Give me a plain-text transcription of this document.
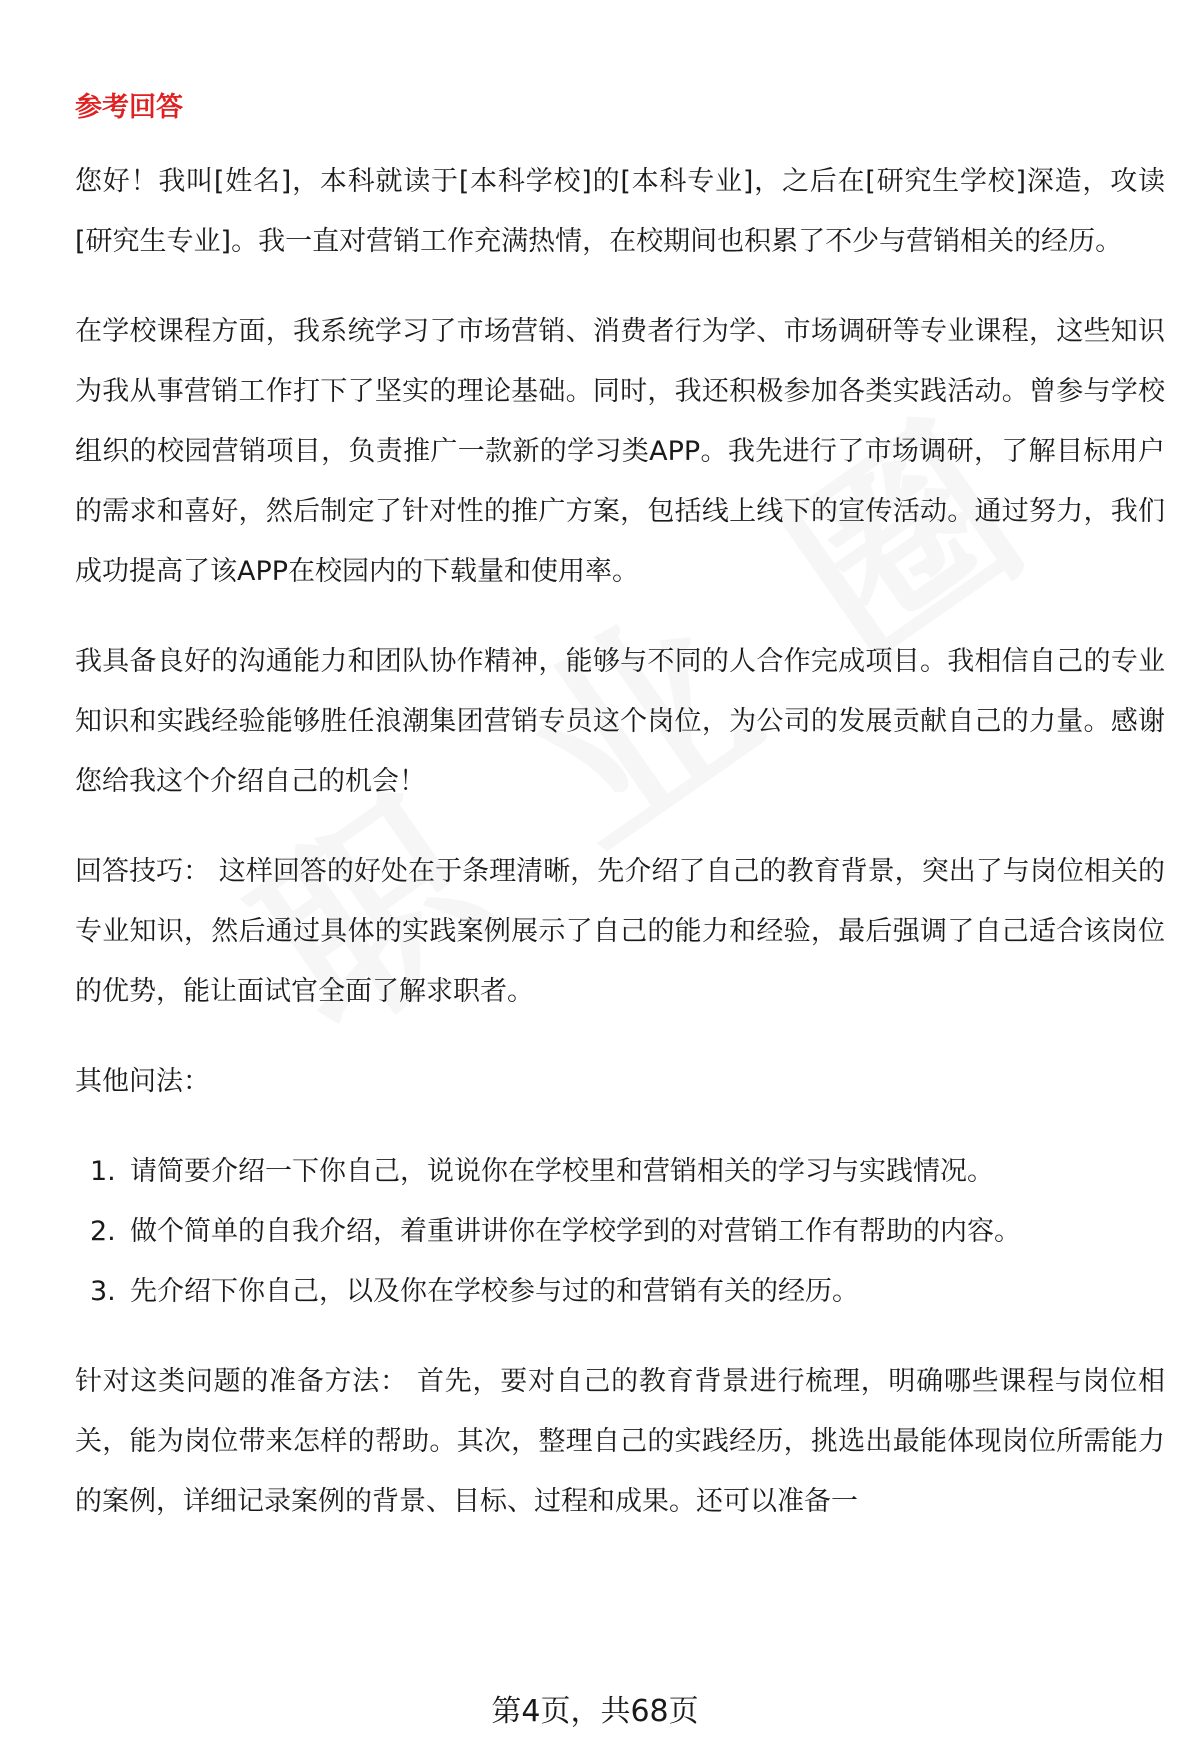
参考回答

您好！我叫[姓名]，本科就读于[本科学校]的[本科专业]，之后在[研究生学校]深造，攻读[研究生专业]。我一直对营销工作充满热情，在校期间也积累了不少与营销相关的经历。

在学校课程方面，我系统学习了市场营销、消费者行为学、市场调研等专业课程，这些知识为我从事营销工作打下了坚实的理论基础。同时，我还积极参加各类实践活动。曾参与学校组织的校园营销项目，负责推广一款新的学习类APP。我先进行了市场调研，了解目标用户的需求和喜好，然后制定了针对性的推广方案，包括线上线下的宣传活动。通过努力，我们成功提高了该APP在校园内的下载量和使用率。

我具备良好的沟通能力和团队协作精神，能够与不同的人合作完成项目。我相信自己的专业知识和实践经验能够胜任浪潮集团营销专员这个岗位，为公司的发展贡献自己的力量。感谢您给我这个介绍自己的机会！

回答技巧： 这样回答的好处在于条理清晰，先介绍了自己的教育背景，突出了与岗位相关的专业知识，然后通过具体的实践案例展示了自己的能力和经验，最后强调了自己适合该岗位的优势，能让面试官全面了解求职者。

其他问法：

1. 请简要介绍一下你自己，说说你在学校里和营销相关的学习与实践情况。
2. 做个简单的自我介绍，着重讲讲你在学校学到的对营销工作有帮助的内容。
3. 先介绍下你自己，以及你在学校参与过的和营销有关的经历。

针对这类问题的准备方法： 首先，要对自己的教育背景进行梳理，明确哪些课程与岗位相关，能为岗位带来怎样的帮助。其次，整理自己的实践经历，挑选出最能体现岗位所需能力的案例，详细记录案例的背景、目标、过程和成果。还可以准备一

第4页，共68页
